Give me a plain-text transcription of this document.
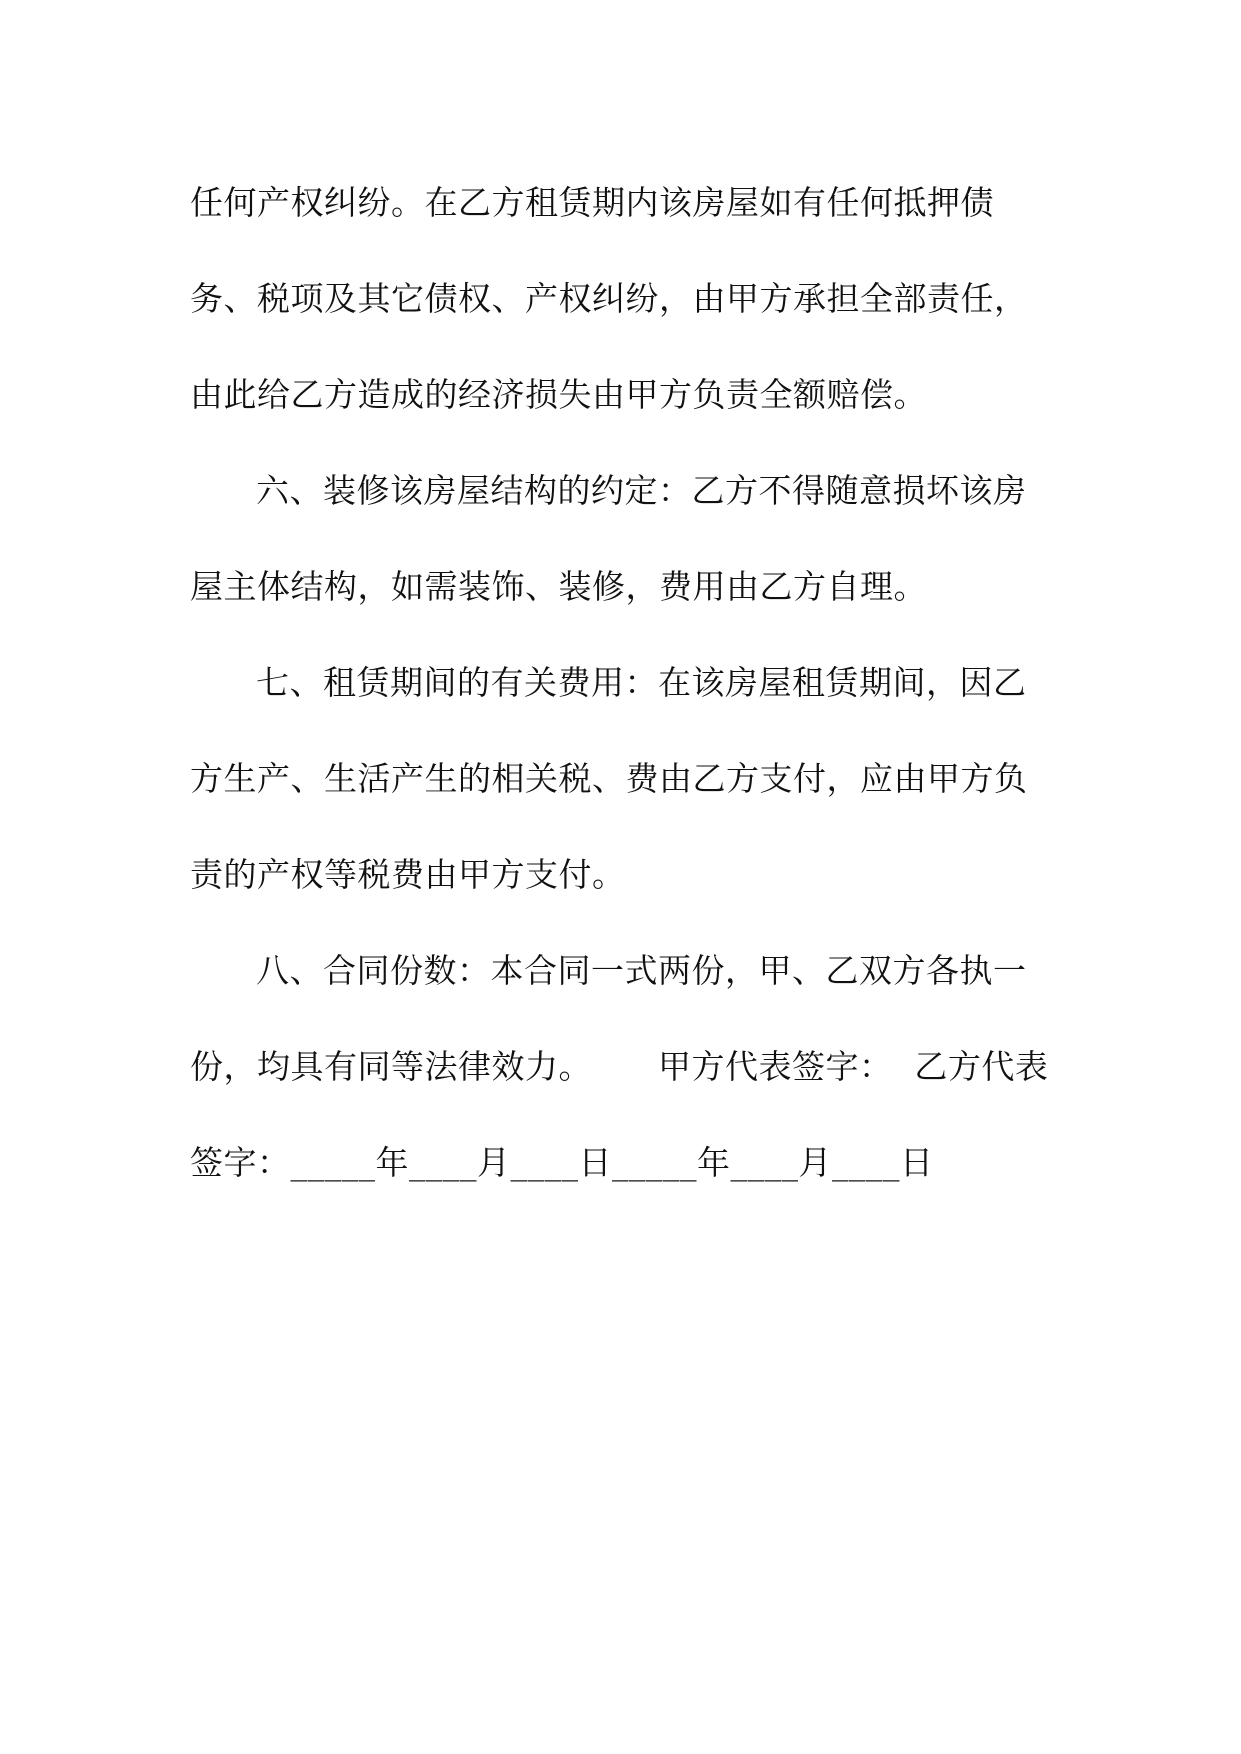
任何产权纠纷。在乙方租赁期内该房屋如有任何抵押债

务、税项及其它债权、产权纠纷，由甲方承担全部责任，

由此给乙方造成的经济损失由甲方负责全额赔偿。

六、装修该房屋结构的约定：乙方不得随意损坏该房

屋主体结构，如需装饰、装修，费用由乙方自理。

七、租赁期间的有关费用：在该房屋租赁期间，因乙

方生产、生活产生的相关税、费由乙方支付，应由甲方负

责的产权等税费由甲方支付。

八、合同份数：本合同一式两份，甲、乙双方各执一

份，均具有同等法律效力。      甲方代表签字：  乙方代表

签字：_____年____月____日_____年____月____日
